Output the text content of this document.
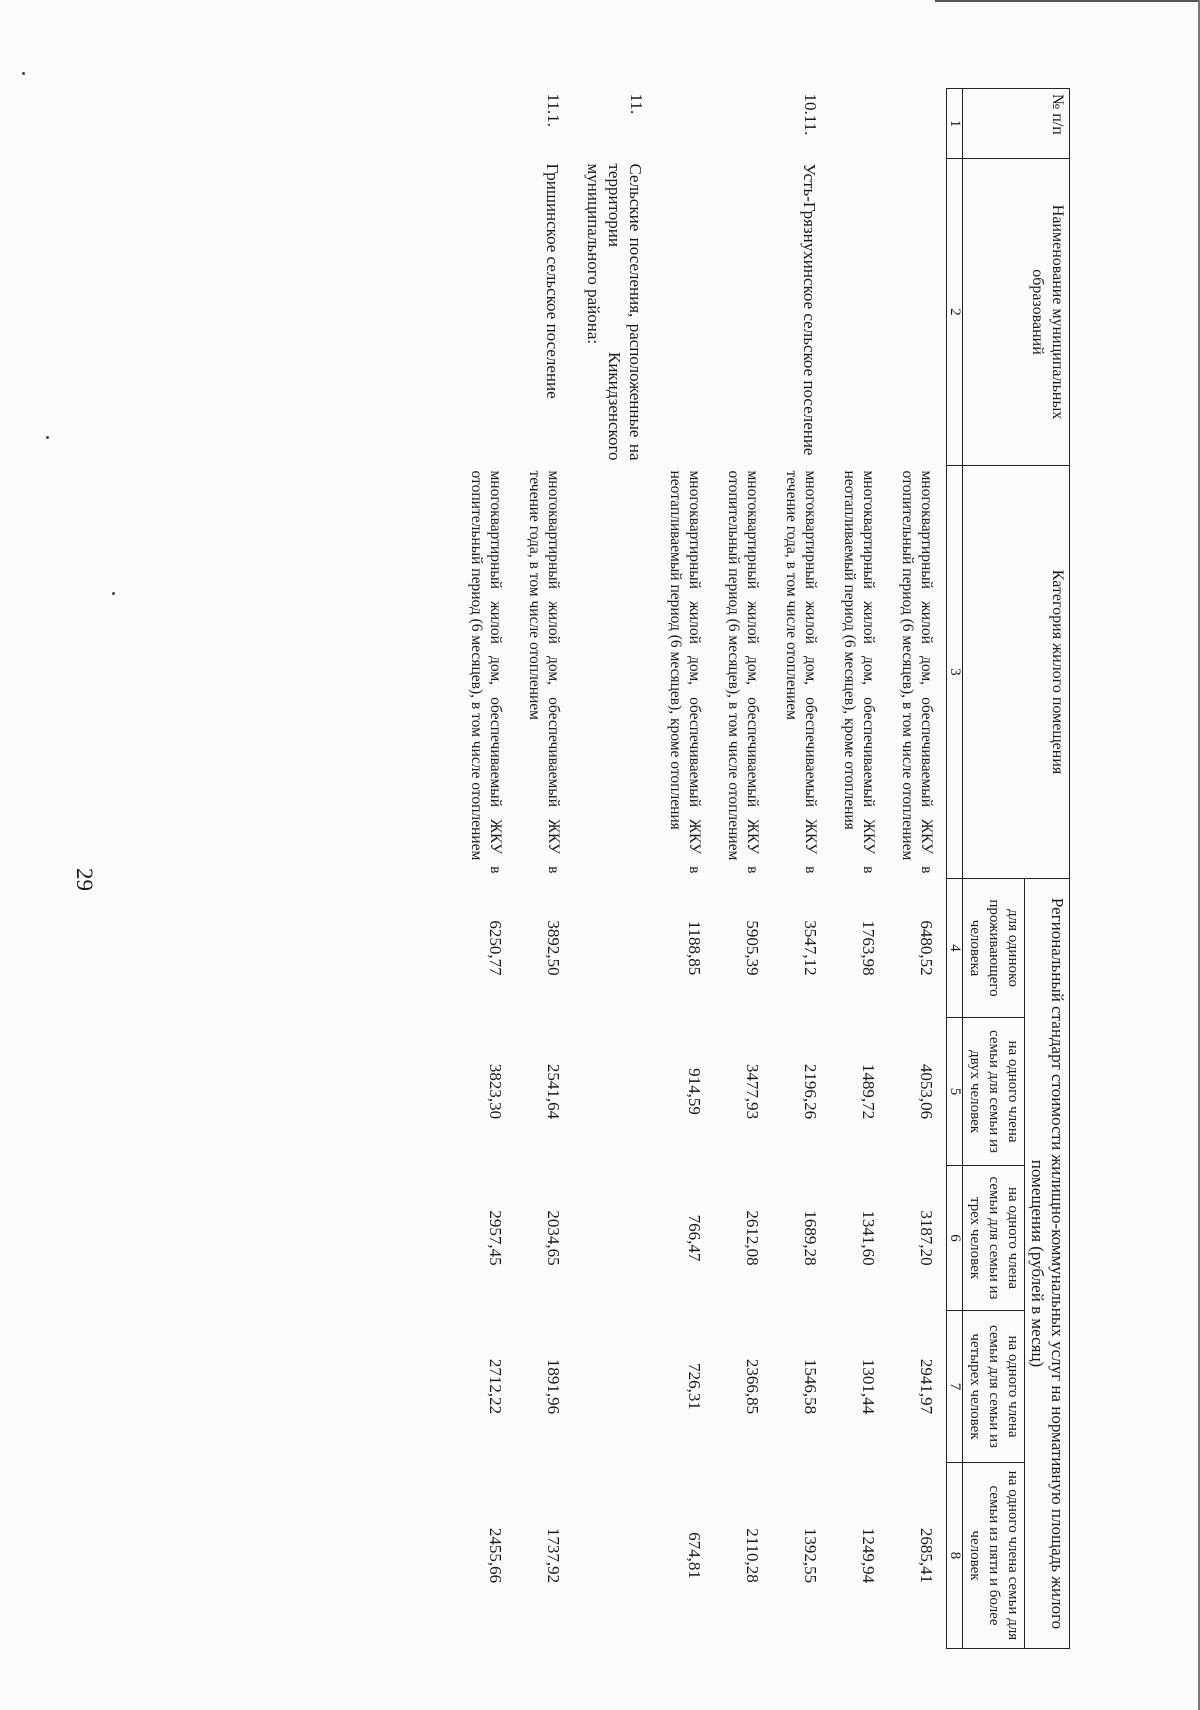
29
№ п/п	Наименование муниципальных образований	Категория жилого помещения	Региональный стандарт стоимости жилищно-коммунальных услуг на нормативную площадь жилого помещения (рублей в месяц)				
			для одиноко проживающего человека	на одного члена семьи для семьи из двух человек	на одного члена семьи для семьи из трех человек	на одного члена семьи для семьи из четырех человек	на одного члена семьи для семьи из пяти и более человек
1	2	3	4	5	6	7	8
		многоквартирный жилой дом, обеспечиваемый ЖКУ в отопительный период (6 месяцев), в том числе отоплением	6480,52	4053,06	3187,20	2941,97	2685,41
		многоквартирный жилой дом, обеспечиваемый ЖКУ в неотапливаемый период (6 месяцев), кроме отопления	1763,98	1489,72	1341,60	1301,44	1249,94
10.11.	Усть-Грязнухинское сельское поселение	многоквартирный жилой дом, обеспечиваемый ЖКУ в течение года, в том числе отоплением	3547,12	2196,26	1689,28	1546,58	1392,55
		многоквартирный жилой дом, обеспечиваемый ЖКУ в отопительный период (6 месяцев), в том числе отоплением	5905,39	3477,93	2612,08	2366,85	2110,28
		многоквартирный жилой дом, обеспечиваемый ЖКУ в неотапливаемый период (6 месяцев), кроме отопления	1188,85	914,59	766,47	726,31	674,81
11.	Сельские поселения, расположенные на территории Кикидзенского муниципального района:						
11.1.	Гришинское сельское поселение	многоквартирный жилой дом, обеспечиваемый ЖКУ в течение года, в том числе отоплением	3892,50	2541,64	2034,65	1891,96	1737,92
		многоквартирный жилой дом, обеспечиваемый ЖКУ в отопительный период (6 месяцев), в том числе отоплением	6250,77	3823,30	2957,45	2712,22	2455,66
